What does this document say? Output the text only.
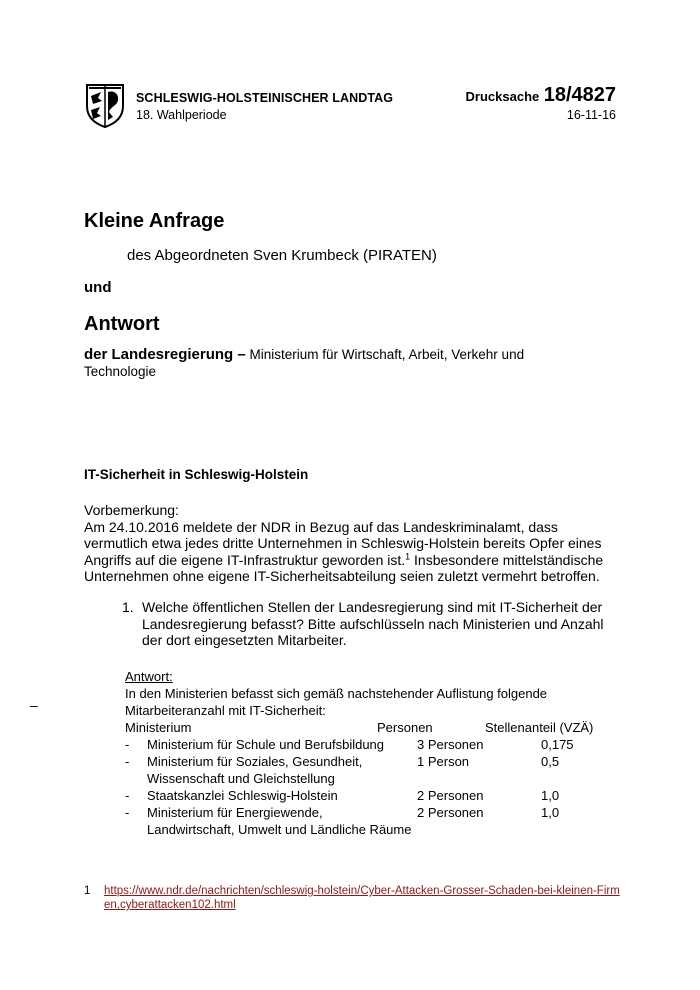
SCHLESWIG-HOLSTEINISCHER LANDTAG
18. Wahlperiode
Drucksache 18/4827
16-11-16
Kleine Anfrage
des Abgeordneten Sven Krumbeck (PIRATEN)
und
Antwort
der Landesregierung – Ministerium für Wirtschaft, Arbeit, Verkehr und Technologie
IT-Sicherheit in Schleswig-Holstein
Vorbemerkung:
Am 24.10.2016 meldete der NDR in Bezug auf das Landeskriminalamt, dass vermutlich etwa jedes dritte Unternehmen in Schleswig-Holstein bereits Opfer eines Angriffs auf die eigene IT-Infrastruktur geworden ist.$^1$ Insbesondere mittelständische Unternehmen ohne eigene IT-Sicherheitsabteilung seien zuletzt vermehrt betroffen.
1. Welche öffentlichen Stellen der Landesregierung sind mit IT-Sicherheit der Landesregierung befasst? Bitte aufschlüsseln nach Ministerien und Anzahl der dort eingesetzten Mitarbeiter.
Antwort:
In den Ministerien befasst sich gemäß nachstehender Auflistung folgende
Mitarbeiteranzahl mit IT-Sicherheit:
Ministerium	Personen	Stellenanteil (VZÄ)
- Ministerium für Schule und Berufsbildung	3 Personen	0,175
- Ministerium für Soziales, Gesundheit,	1 Person	0,5
Wissenschaft und Gleichstellung
- Staatskanzlei Schleswig-Holstein	2 Personen	1,0
- Ministerium für Energiewende,	2 Personen	1,0
Landwirtschaft, Umwelt und Ländliche Räume
–
1 https://www.ndr.de/nachrichten/schleswig-holstein/Cyber-Attacken-Grosser-Schaden-bei-kleinen-Firmen,cyberattacken102.html
